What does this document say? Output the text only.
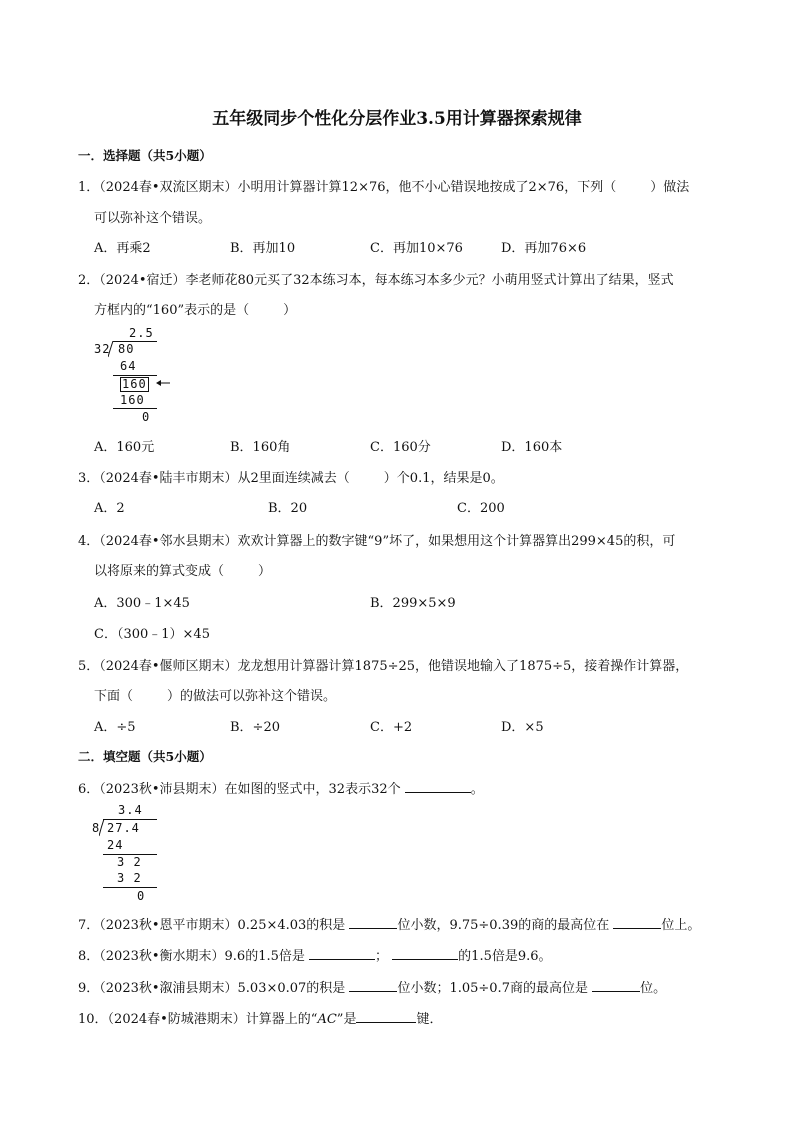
五年级同步个性化分层作业3.5用计算器探索规律
一．选择题（共5小题）
1．（2024春•双流区期末）小明用计算器计算12×76，他不小心错误地按成了2×76，下列（	）做法
可以弥补这个错误。
A．再乘2	B．再加10	C．再加10×76	D．再加76×6
2．（2024•宿迁）李老师花80元买了32本练习本，每本练习本多少元？小萌用竖式计算出了结果，竖式
方框内的“160”表示的是（	）
2.5
32 80
64
160
160
0
A．160元	B．160角	C．160分	D．160本
3．（2024春•陆丰市期末）从2里面连续减去（	）个0.1，结果是0。
A．2	B．20	C．200
4．（2024春•邻水县期末）欢欢计算器上的数字键“9”坏了，如果想用这个计算器算出299×45的积，可
以将原来的算式变成（	）
A．300﹣1×45	B．299×5×9
C．（300﹣1）×45
5．（2024春•偃师区期末）龙龙想用计算器计算1875÷25，他错误地输入了1875÷5，接着操作计算器，
下面（	）的做法可以弥补这个错误。
A．÷5	B．÷20	C．+2	D．×5
二．填空题（共5小题）
6．（2023秋•沛县期末）在如图的竖式中，32表示32个	。
3.4
8 27.4
24
3 2
3 2
0
7．（2023秋•恩平市期末）0.25×4.03的积是	位小数，9.75÷0.39的商的最高位在	位上。
8．（2023秋•衡水期末）9.6的1.5倍是	；	的1.5倍是9.6。
9．（2023秋•溆浦县期末）5.03×0.07的积是	位小数；1.05÷0.7商的最高位是	位。
10．（2024春•防城港期末）计算器上的“AC”是	键．
